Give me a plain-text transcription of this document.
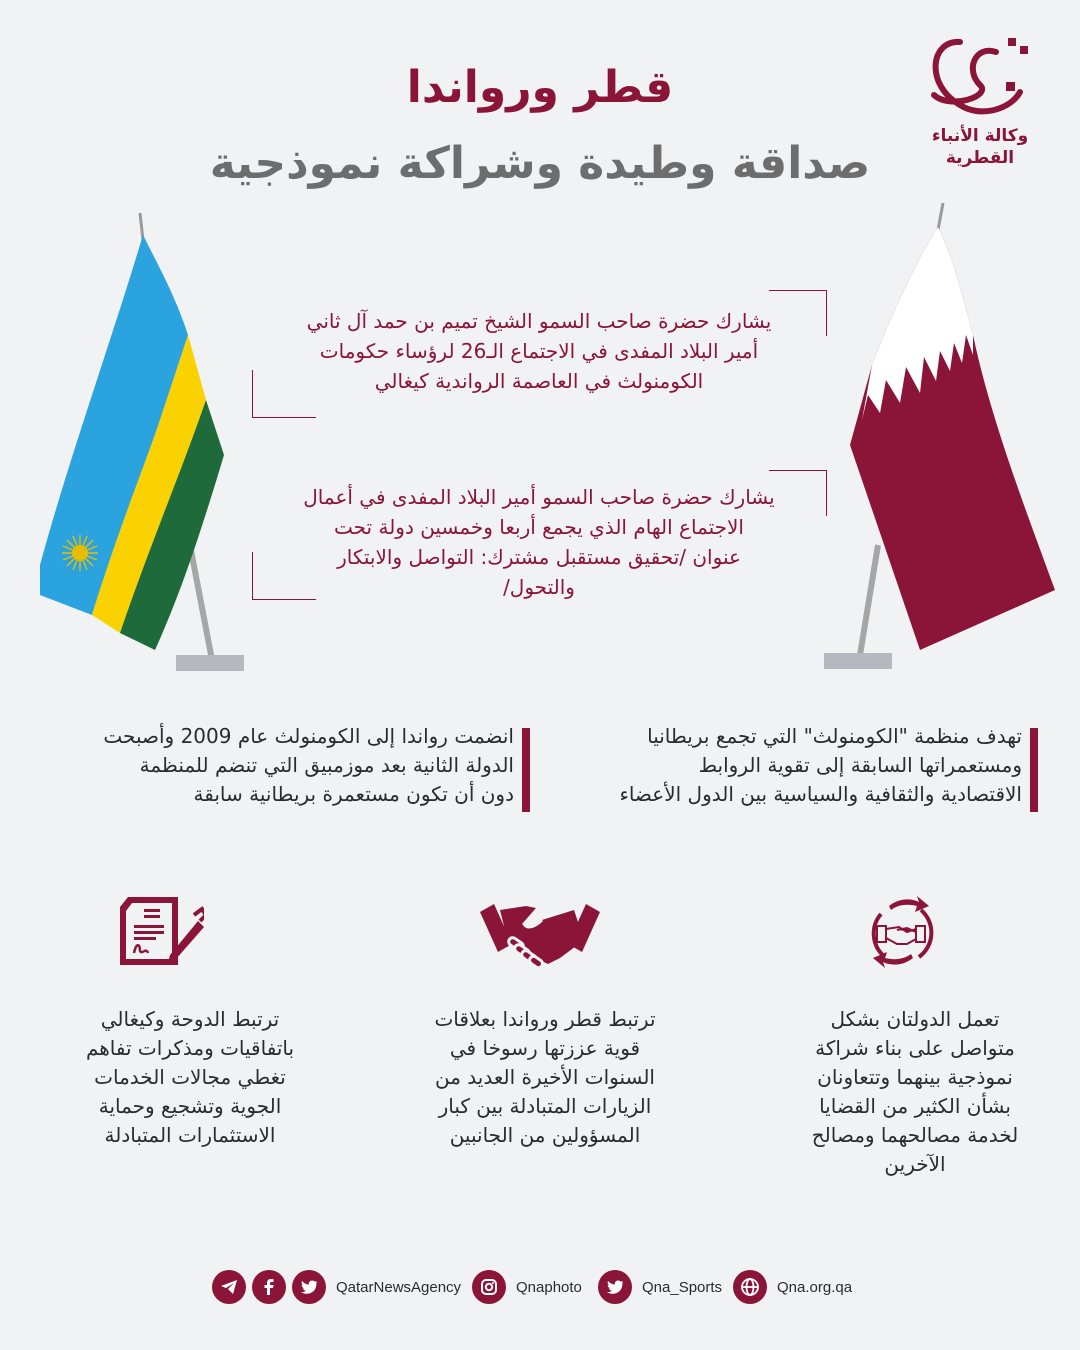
قطر ورواندا
صداقة وطيدة وشراكة نموذجية
وكالة الأنباء
القطرية
يشارك حضرة صاحب السمو الشيخ تميم بن حمد آل ثاني
أمير البلاد المفدى في الاجتماع الـ26 لرؤساء حكومات
الكومنولث في العاصمة الرواندية كيغالي
يشارك حضرة صاحب السمو أمير البلاد المفدى في أعمال
الاجتماع الهام الذي يجمع أربعا وخمسين دولة تحت
عنوان /تحقيق مستقبل مشترك: التواصل والابتكار
والتحول/
تهدف منظمة "الكومنولث" التي تجمع بريطانيا
ومستعمراتها السابقة إلى تقوية الروابط
الاقتصادية والثقافية والسياسية بين الدول الأعضاء
انضمت رواندا إلى الكومنولث عام 2009 وأصبحت
الدولة الثانية بعد موزمبيق التي تنضم للمنظمة
دون أن تكون مستعمرة بريطانية سابقة
تعمل الدولتان بشكل
متواصل على بناء شراكة
نموذجية بينهما وتتعاونان
بشأن الكثير من القضايا
لخدمة مصالحهما ومصالح
الآخرين
ترتبط قطر ورواندا بعلاقات
قوية عززتها رسوخا في
السنوات الأخيرة العديد من
الزيارات المتبادلة بين كبار
المسؤولين من الجانبين
ترتبط الدوحة وكيغالي
باتفاقيات ومذكرات تفاهم
تغطي مجالات الخدمات
الجوية وتشجيع وحماية
الاستثمارات المتبادلة
QatarNewsAgency	Qnaphoto	Qna_Sports	Qna.org.qa
